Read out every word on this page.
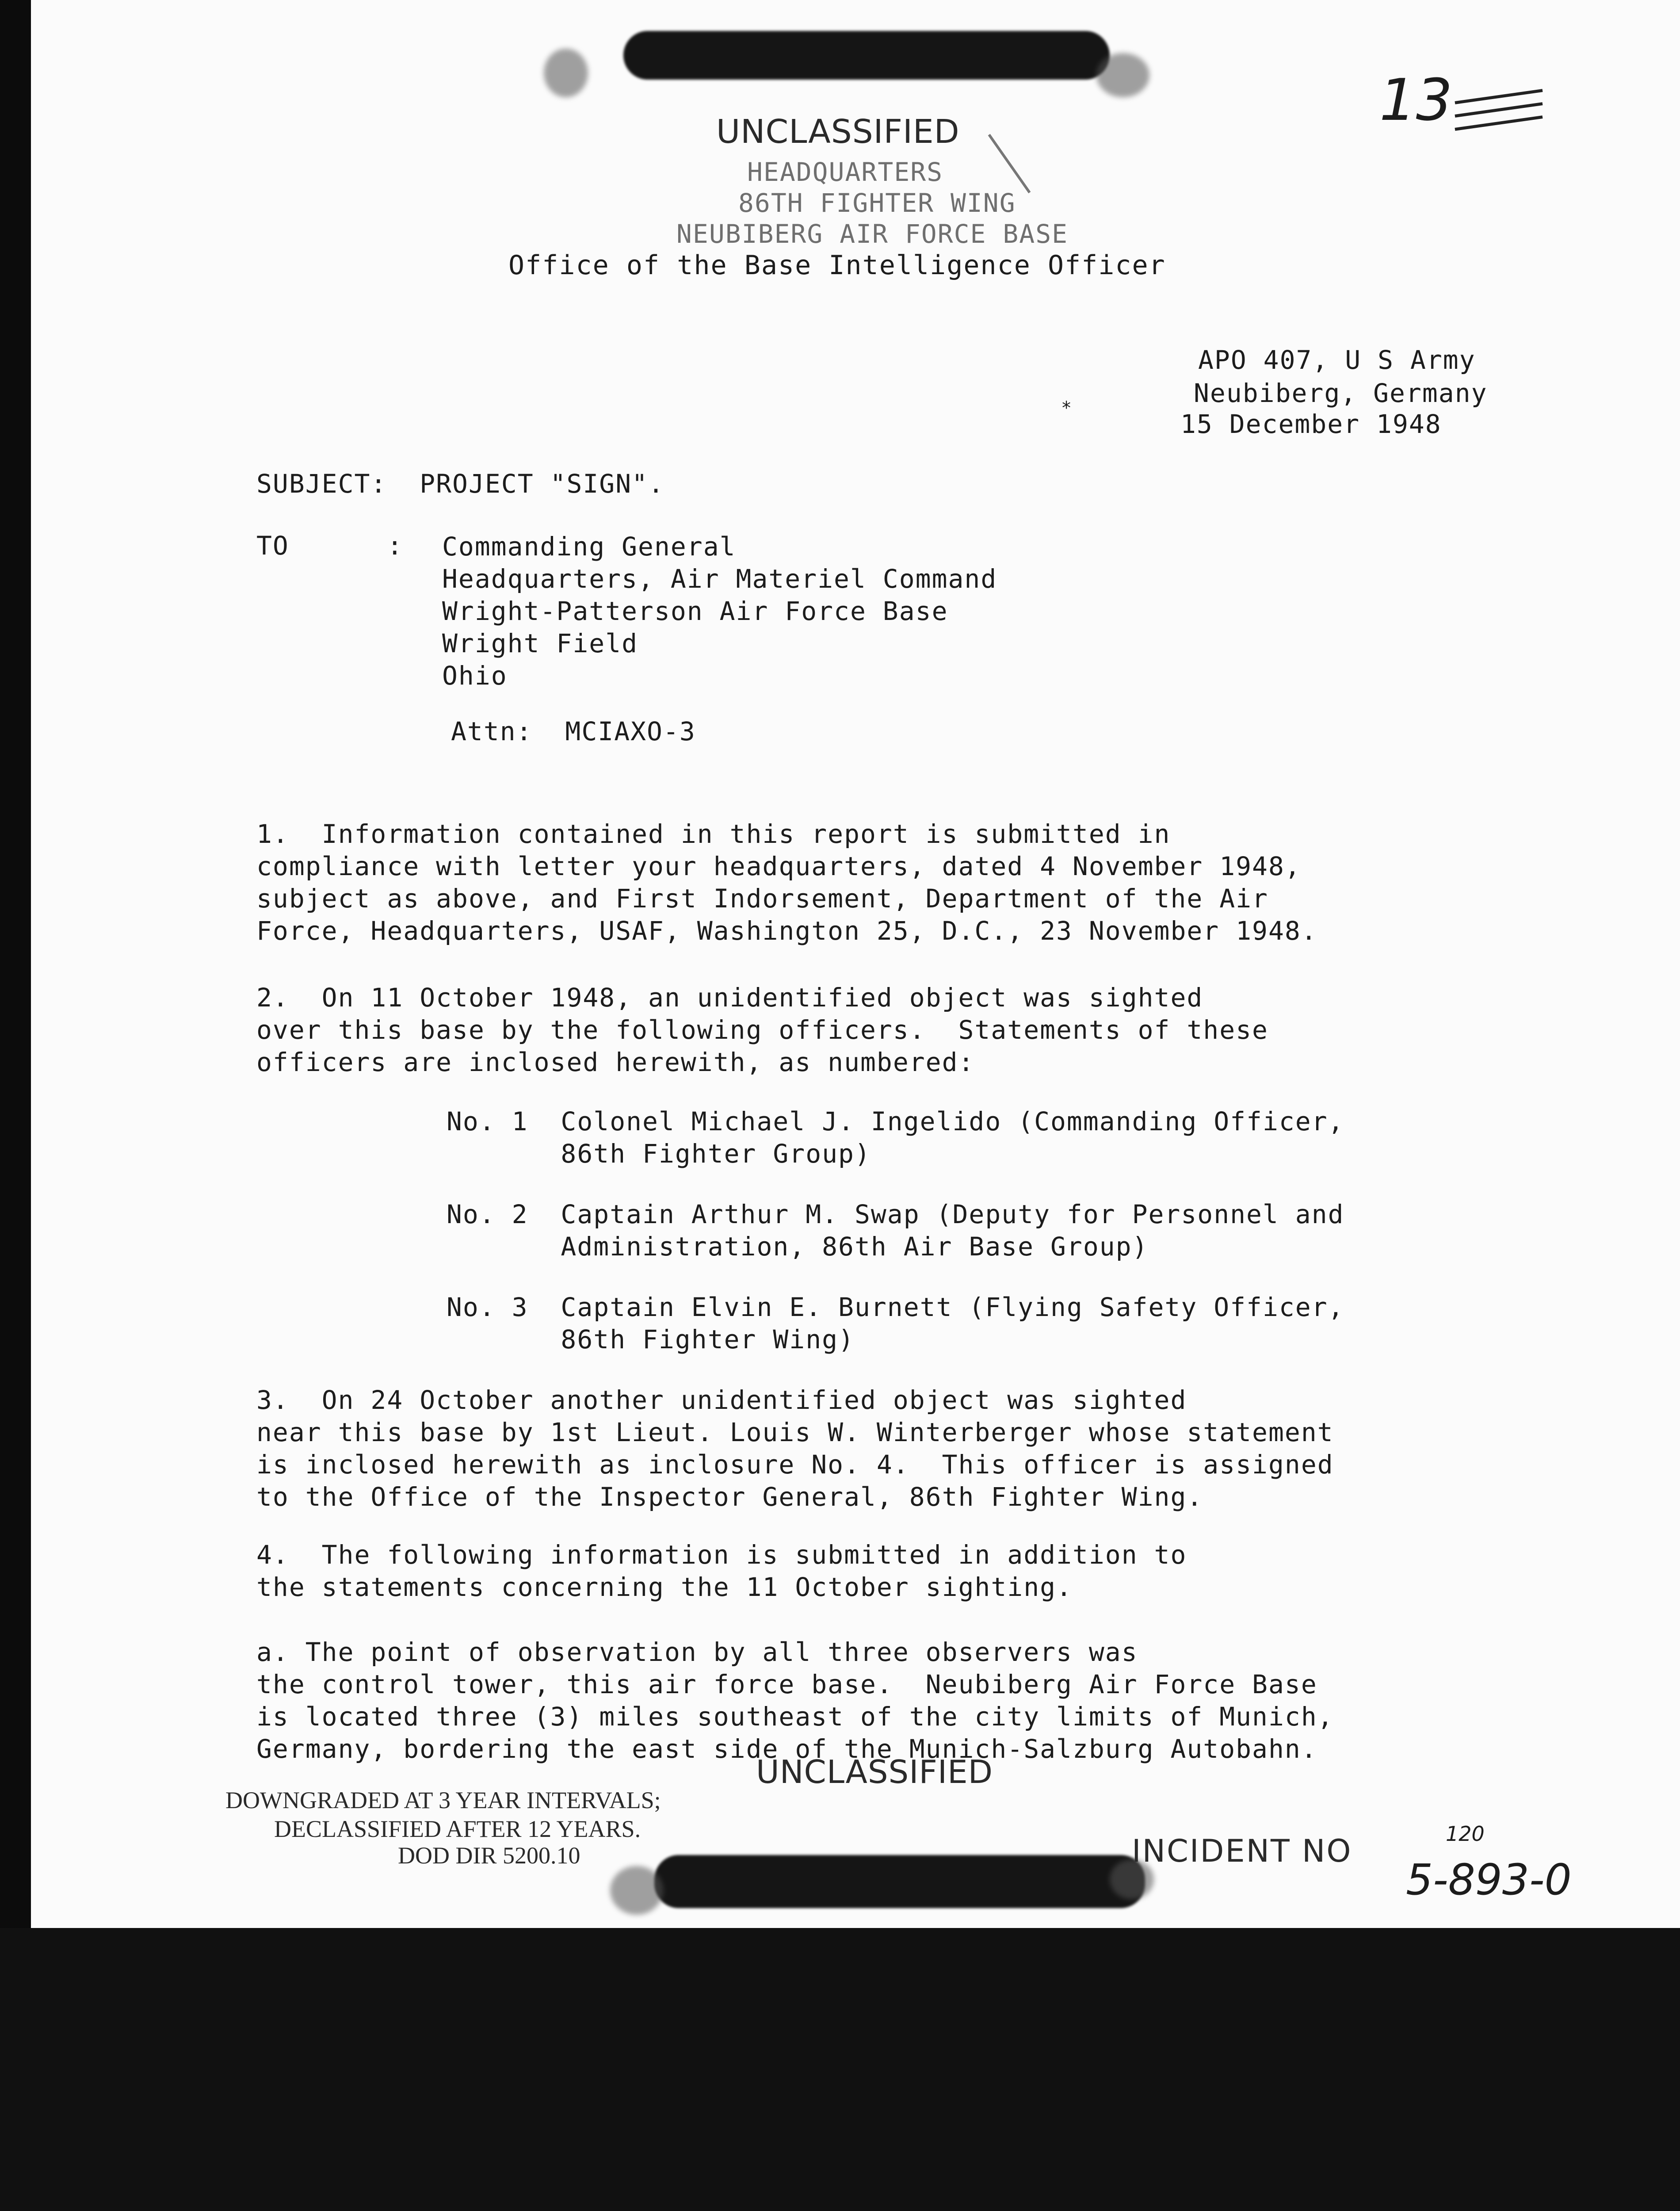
UNCLASSIFIED
HEADQUARTERS
86TH FIGHTER WING
NEUBIBERG AIR FORCE BASE
Office of the Base Intelligence Officer
13
APO 407, U S Army
Neubiberg, Germany
15 December 1948
*
SUBJECT: PROJECT "SIGN".
TO      : Commanding General
Headquarters, Air Materiel Command
Wright-Patterson Air Force Base
Wright Field
Ohio
Attn:  MCIAXO-3
1.  Information contained in this report is submitted in
compliance with letter your headquarters, dated 4 November 1948,
subject as above, and First Indorsement, Department of the Air
Force, Headquarters, USAF, Washington 25, D.C., 23 November 1948.
2.  On 11 October 1948, an unidentified object was sighted
over this base by the following officers.  Statements of these
officers are inclosed herewith, as numbered:
No. 1  Colonel Michael J. Ingelido (Commanding Officer,
86th Fighter Group)
No. 2  Captain Arthur M. Swap (Deputy for Personnel and
Administration, 86th Air Base Group)
No. 3  Captain Elvin E. Burnett (Flying Safety Officer,
86th Fighter Wing)
3.  On 24 October another unidentified object was sighted
near this base by 1st Lieut. Louis W. Winterberger whose statement
is inclosed herewith as inclosure No. 4.  This officer is assigned
to the Office of the Inspector General, 86th Fighter Wing.
4.  The following information is submitted in addition to
the statements concerning the 11 October sighting.
a. The point of observation by all three observers was
the control tower, this air force base.  Neubiberg Air Force Base
is located three (3) miles southeast of the city limits of Munich,
Germany, bordering the east side of the Munich-Salzburg Autobahn.
UNCLASSIFIED
DOWNGRADED AT 3 YEAR INTERVALS;
DECLASSIFIED AFTER 12 YEARS.
DOD DIR 5200.10	INCIDENT NO	120
5-893-0
